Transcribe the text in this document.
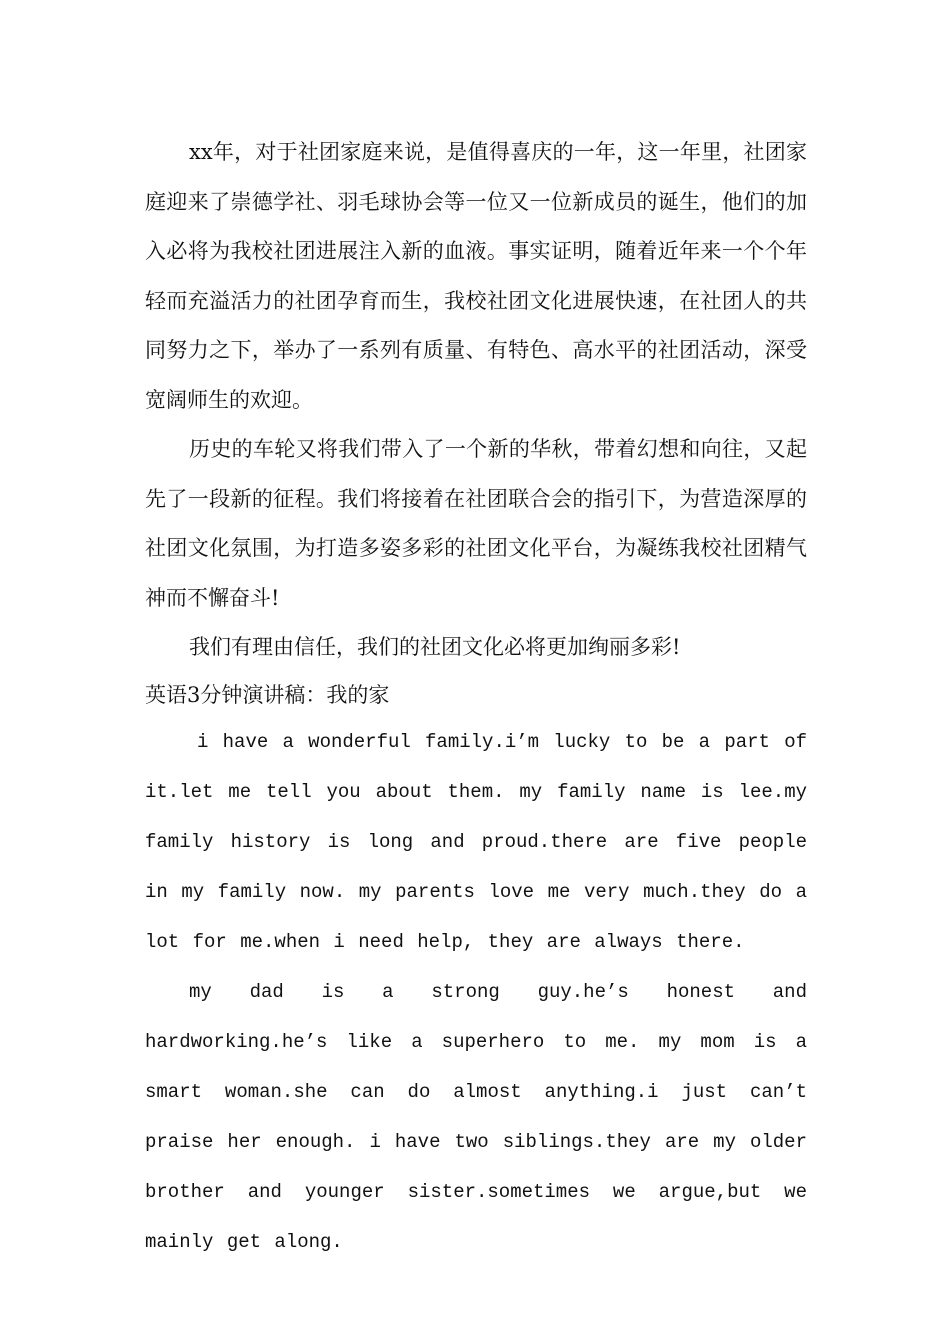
xx年，对于社团家庭来说，是值得喜庆的一年，这一年里，社团家庭迎来了崇德学社、羽毛球协会等一位又一位新成员的诞生，他们的加入必将为我校社团进展注入新的血液。事实证明，随着近年来一个个年轻而充溢活力的社团孕育而生，我校社团文化进展快速，在社团人的共同努力之下，举办了一系列有质量、有特色、高水平的社团活动，深受宽阔师生的欢迎。

历史的车轮又将我们带入了一个新的华秋，带着幻想和向往，又起先了一段新的征程。我们将接着在社团联合会的指引下，为营造深厚的社团文化氛围，为打造多姿多彩的社团文化平台，为凝练我校社团精气神而不懈奋斗!

我们有理由信任，我们的社团文化必将更加绚丽多彩!

英语3分钟演讲稿：我的家

i have a wonderful family.i’m lucky to be a part of it.let me tell you about them. my family name is lee.my family history is long and proud.there are five people in my family now. my parents love me very much.they do a lot for me.when i need help, they are always there.

my dad is a strong guy.he’s honest and hardworking.he’s like a superhero to me. my mom is a smart woman.she can do almost anything.i just can’t praise her enough. i have two siblings.they are my older brother and younger sister.sometimes we argue,but we mainly get along.
